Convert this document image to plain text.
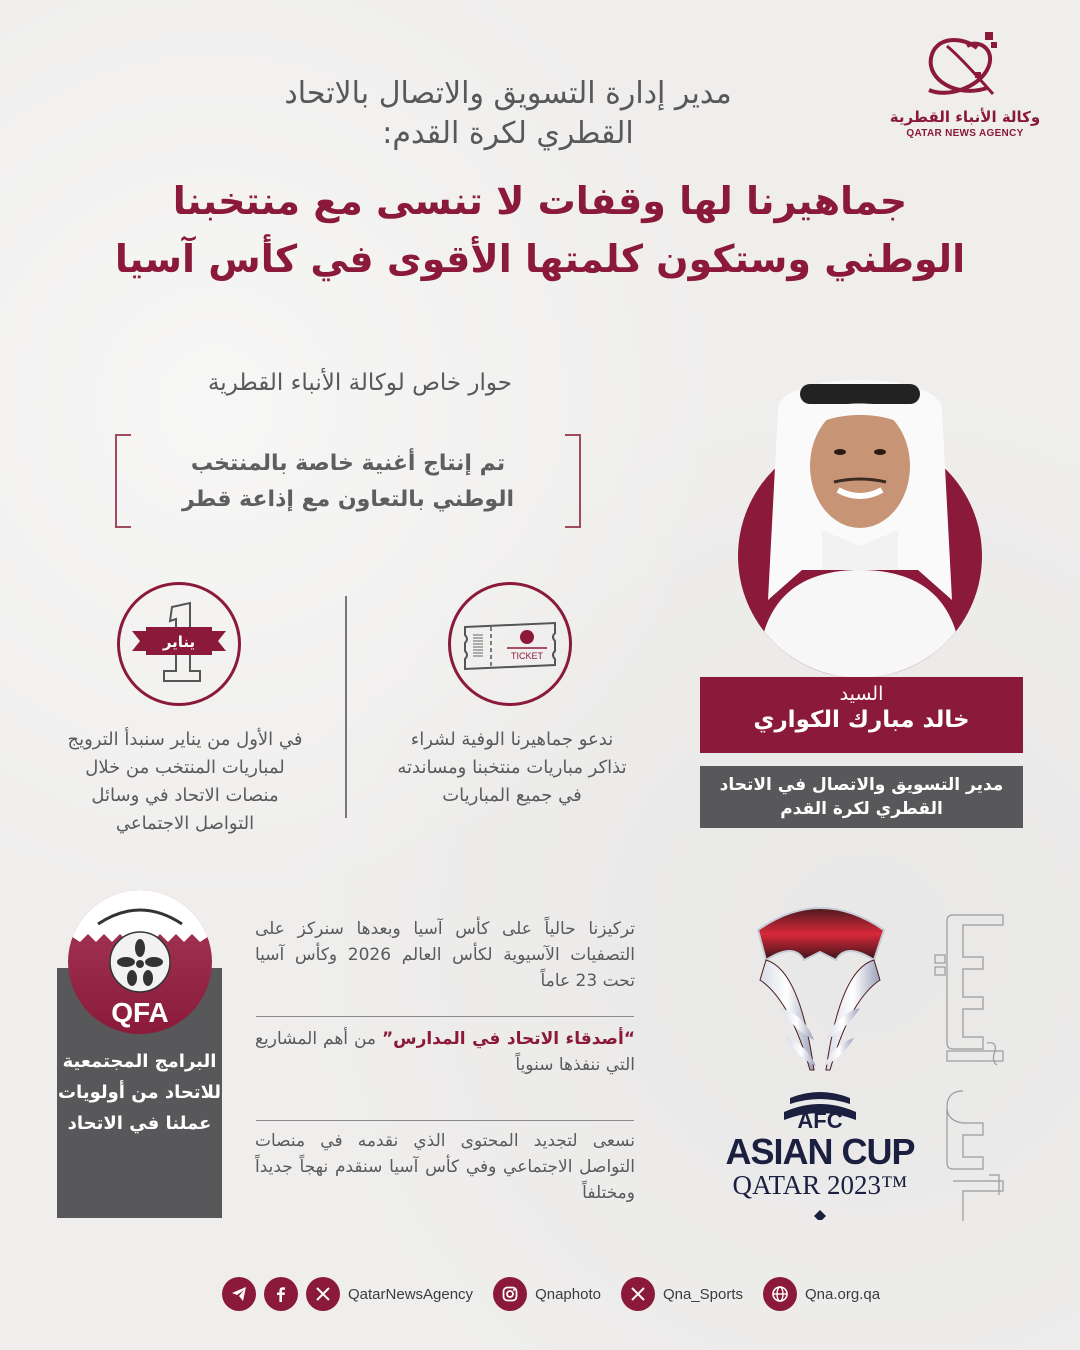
وكالة الأنباء القطرية
QATAR NEWS AGENCY
مدير إدارة التسويق والاتصال بالاتحاد
القطري لكرة القدم:
جماهيرنا لها وقفات لا تنسى مع منتخبنا
الوطني وستكون كلمتها الأقوى في كأس آسيا
حوار خاص لوكالة الأنباء القطرية
تم إنتاج أغنية خاصة بالمنتخب
الوطني بالتعاون مع إذاعة قطر
السيد
خالد مبارك الكواري
مدير التسويق والاتصال في الاتحاد
القطري لكرة القدم
يناير
TICKET
في الأول من يناير سنبدأ الترويج لمباريات المنتخب من خلال منصات الاتحاد في وسائل التواصل الاجتماعي
ندعو جماهيرنا الوفية لشراء تذاكر مباريات منتخبنا ومساندته في جميع المباريات
QFA
البرامج المجتمعية للاتحاد من أولويات عملنا في الاتحاد
تركيزنا حالياً على كأس آسيا وبعدها سنركز على التصفيات الآسيوية لكأس العالم 2026 وكأس آسيا تحت 23 عاماً
“أصدقاء الاتحاد في المدارس” من أهم المشاريع التي ننفذها سنوياً
نسعى لتجديد المحتوى الذي نقدمه في منصات التواصل الاجتماعي وفي كأس آسيا سنقدم نهجاً جديداً ومختلفاً
AFC
ASIAN CUP
QATAR 2023™
QatarNewsAgency	Qnaphoto	Qna_Sports	Qna.org.qa
